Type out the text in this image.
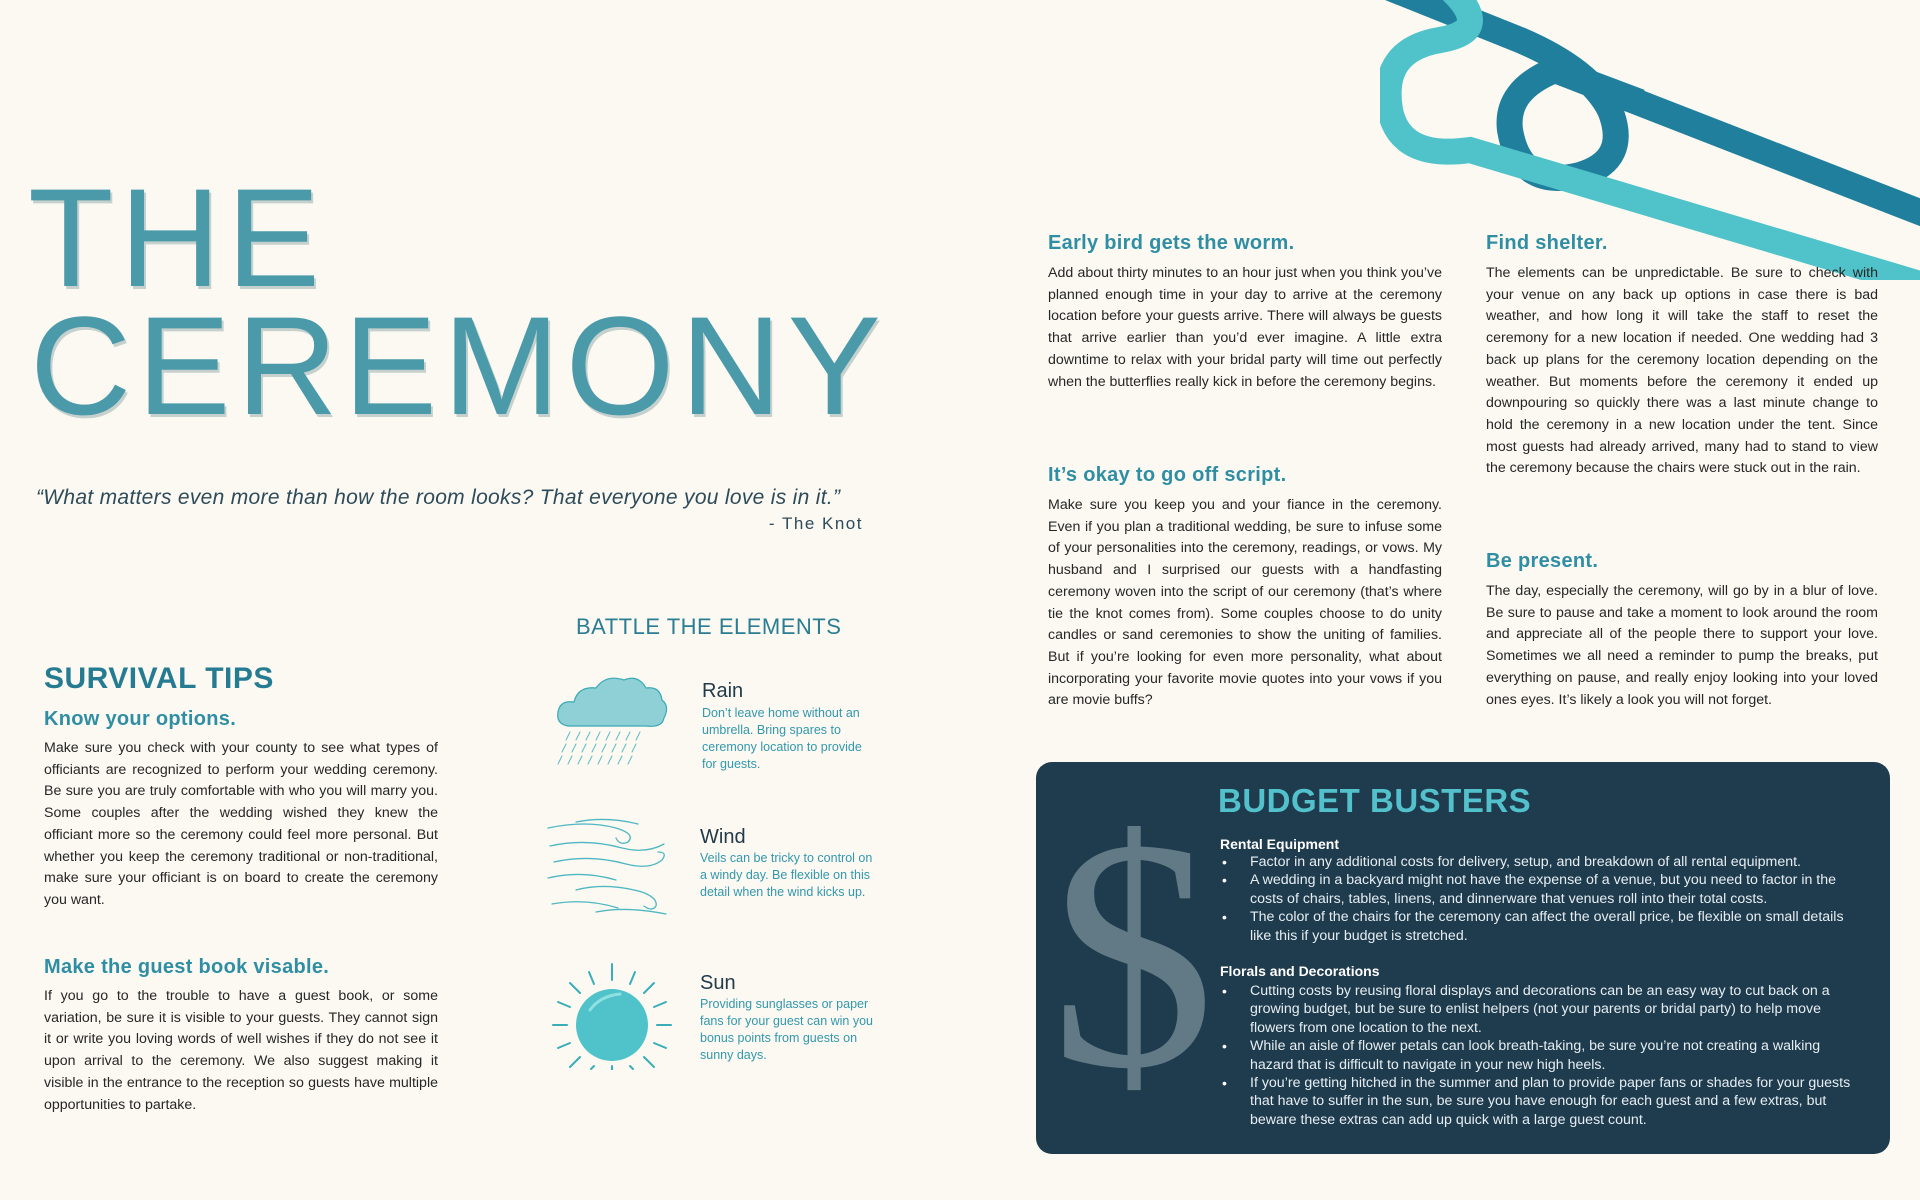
THE
CEREMONY
“What matters even more than how the room looks? That everyone you love is in it.”
- The Knot
SURVIVAL TIPS
Know your options.
Make sure you check with your county to see what types of officiants are recognized to perform your wedding ceremony. Be sure you are truly comfortable with who you will marry you. Some couples after the wedding wished they knew the officiant more so the ceremony could feel more personal. But whether you keep the ceremony traditional or non-traditional, make sure your officiant is on board to create the ceremony you want.
Make the guest book visable.
If you go to the trouble to have a guest book, or some variation, be sure it is visible to your guests. They cannot sign it or write you loving words of well wishes if they do not see it upon arrival to the ceremony. We also suggest making it visible in the entrance to the reception so guests have multiple opportunities to partake.
BATTLE THE ELEMENTS
Rain
Don’t leave home without an umbrella. Bring spares to ceremony location to provide for guests.
Wind
Veils can be tricky to control on a windy day. Be flexible on this detail when the wind kicks up.
Sun
Providing sunglasses or paper fans for your guest can win you bonus points from guests on sunny days.
Early bird gets the worm.
Add about thirty minutes to an hour just when you think you’ve planned enough time in your day to arrive at the ceremony location before your guests arrive. There will always be guests that arrive earlier than you’d ever imagine. A little extra downtime to relax with your bridal party will time out perfectly when the butterflies really kick in before the ceremony begins.
It’s okay to go off script.
Make sure you keep you and your fiance in the ceremony. Even if you plan a traditional wedding, be sure to infuse some of your personalities into the ceremony, readings, or vows. My husband and I surprised our guests with a handfasting ceremony woven into the script of our ceremony (that’s where tie the knot comes from). Some couples choose to do unity candles or sand ceremonies to show the uniting of families. But if you’re looking for even more personality, what about incorporating your favorite movie quotes into your vows if you are movie buffs?
Find shelter.
The elements can be unpredictable. Be sure to check with your venue on any back up options in case there is bad weather, and how long it will take the staff to reset the ceremony for a new location if needed. One wedding had 3 back up plans for the ceremony location depending on the weather. But moments before the ceremony it ended up downpouring so quickly there was a last minute change to hold the ceremony in a new location under the tent. Since most guests had already arrived, many had to stand to view the ceremony because the chairs were stuck out in the rain.
Be present.
The day, especially the ceremony, will go by in a blur of love. Be sure to pause and take a moment to look around the room and appreciate all of the people there to support your love. Sometimes we all need a reminder to pump the breaks, put everything on pause, and really enjoy looking into your loved ones eyes. It’s likely a look you will not forget.
$ BUDGET BUSTERS
Rental Equipment
• Factor in any additional costs for delivery, setup, and breakdown of all rental equipment.
• A wedding in a backyard might not have the expense of a venue, but you need to factor in the costs of chairs, tables, linens, and dinnerware that venues roll into their total costs.
• The color of the chairs for the ceremony can affect the overall price, be flexible on small details like this if your budget is stretched.
Florals and Decorations
• Cutting costs by reusing floral displays and decorations can be an easy way to cut back on a growing budget, but be sure to enlist helpers (not your parents or bridal party) to help move flowers from one location to the next.
• While an aisle of flower petals can look breath-taking, be sure you’re not creating a walking hazard that is difficult to navigate in your new high heels.
• If you’re getting hitched in the summer and plan to provide paper fans or shades for your guests that have to suffer in the sun, be sure you have enough for each guest and a few extras, but beware these extras can add up quick with a large guest count.
